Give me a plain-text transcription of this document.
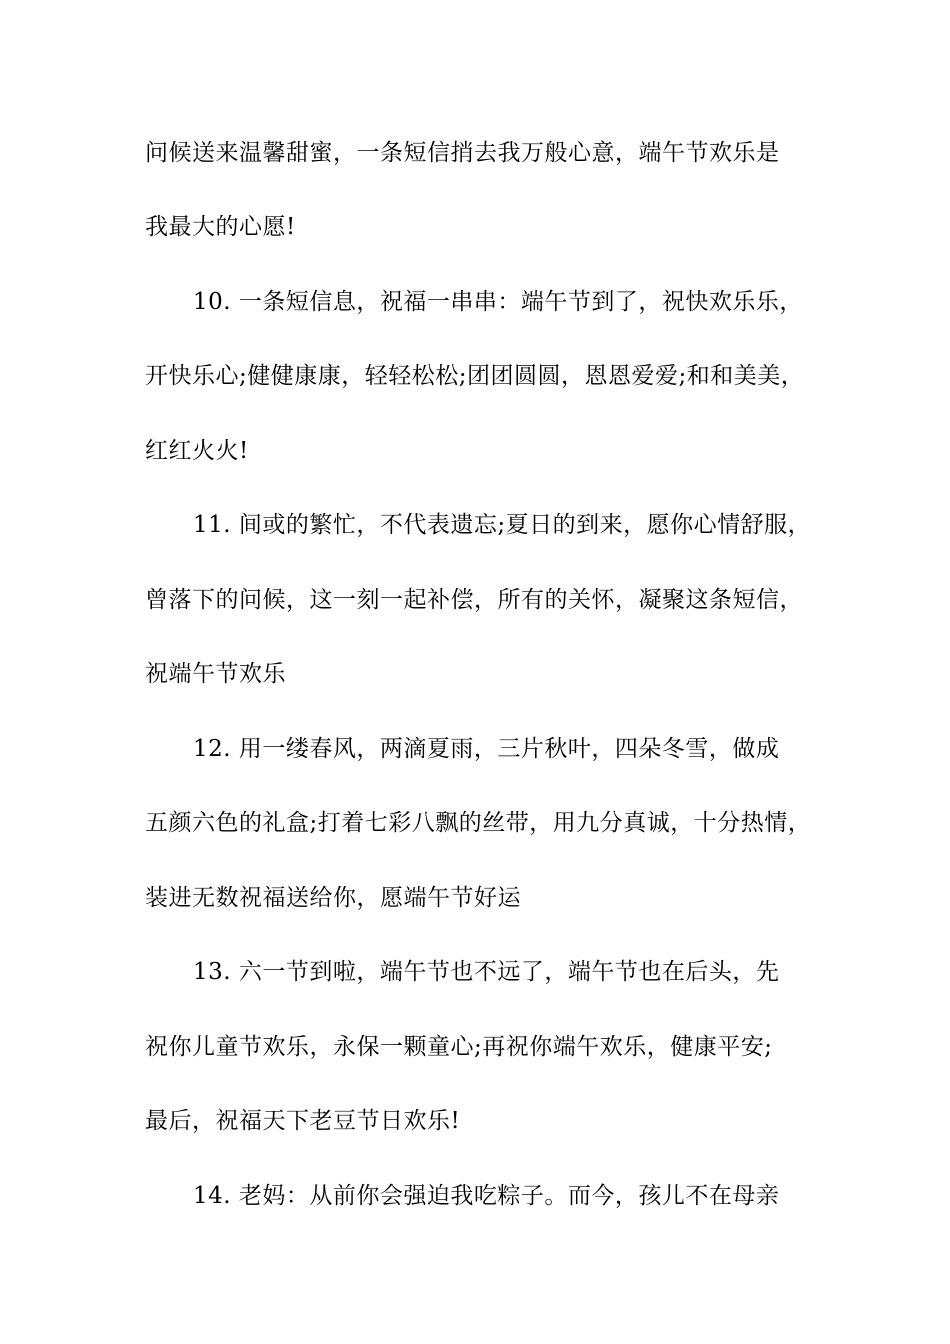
问候送来温馨甜蜜，一条短信捎去我万般心意，端午节欢乐是
我最大的心愿!
10. 一条短信息，祝福一串串：端午节到了，祝快欢乐乐，
开快乐心;健健康康，轻轻松松;团团圆圆，恩恩爱爱;和和美美，
红红火火!
11. 间或的繁忙，不代表遗忘;夏日的到来，愿你心情舒服，
曾落下的问候，这一刻一起补偿，所有的关怀，凝聚这条短信，
祝端午节欢乐
12. 用一缕春风，两滴夏雨，三片秋叶，四朵冬雪，做成
五颜六色的礼盒;打着七彩八飘的丝带，用九分真诚，十分热情，
装进无数祝福送给你，愿端午节好运
13. 六一节到啦，端午节也不远了，端午节也在后头，先
祝你儿童节欢乐，永保一颗童心;再祝你端午欢乐，健康平安;
最后，祝福天下老豆节日欢乐!
14. 老妈：从前你会强迫我吃粽子。而今，孩儿不在母亲
